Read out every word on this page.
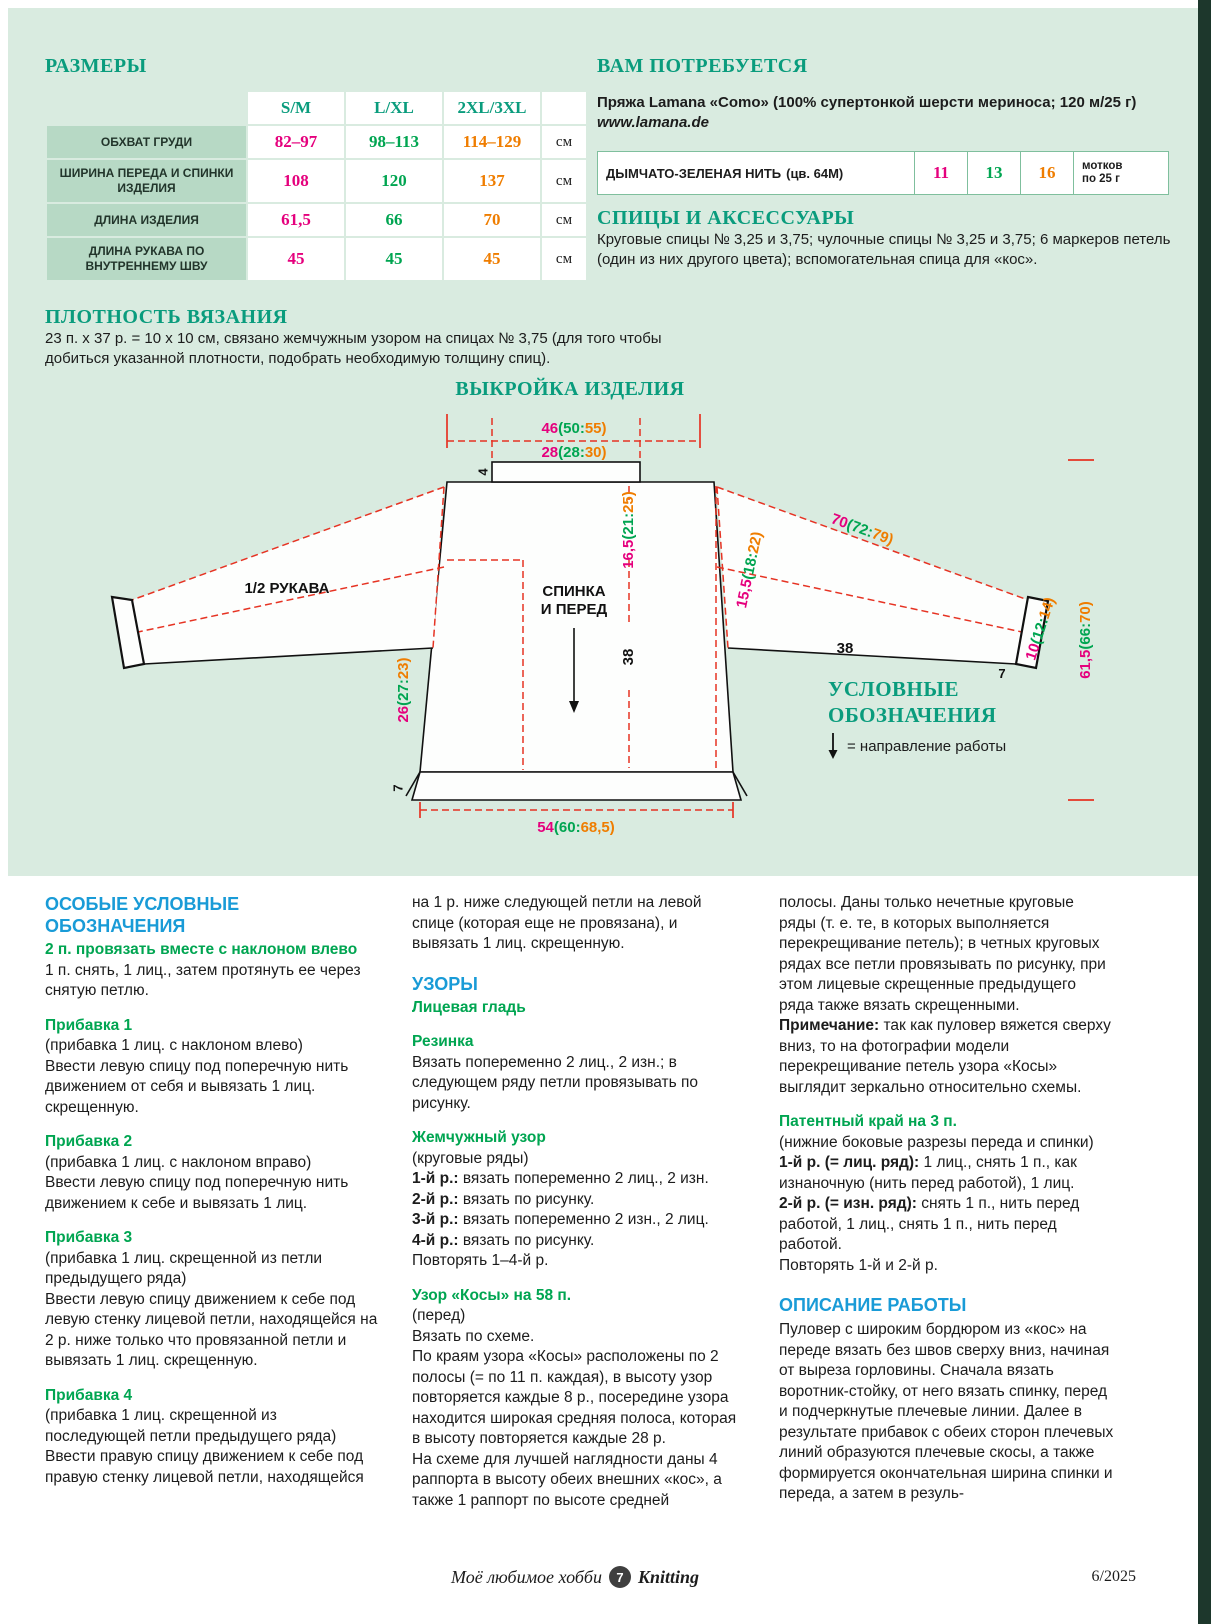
РАЗМЕРЫ
	S/M	L/XL	2XL/3XL	
ОБХВАТ ГРУДИ	82–97	98–113	114–129	см
ШИРИНА ПЕРЕДА И СПИНКИ ИЗДЕЛИЯ	108	120	137	см
ДЛИНА ИЗДЕЛИЯ	61,5	66	70	см
ДЛИНА РУКАВА ПО ВНУТРЕННЕМУ ШВУ	45	45	45	см
ВАМ ПОТРЕБУЕТСЯ

Пряжа Lamana «Como» (100% супертонкой шерсти мериноса; 120 м/25 г)
www.lamana.de

ДЫМЧАТО-ЗЕЛЕНАЯ НИТЬ (цв. 64М)	11	13	16	мотков
по 25 г
СПИЦЫ И АКСЕССУАРЫ

Круговые спицы № 3,25 и 3,75; чулочные спицы № 3,25 и 3,75; 6 маркеров петель (один из них другого цвета); вспомогательная спица для «кос».

ПЛОТНОСТЬ ВЯЗАНИЯ

23 п. x 37 р. = 10 x 10 см, связано жемчужным узором на спицах № 3,75 (для того чтобы добиться указанной плотности, подобрать необходимую толщину спиц).

ВЫКРОЙКА ИЗДЕЛИЯ
46(50:55)
28(28:30)
4
16,5(21:25)
38
СПИНКА
И ПЕРЕД
1/2 РУКАВА
26(27:23)
70(72:79)
15,5(18:22)
38	10(12:14)
61,5(66:70)
7
7
54(60:68,5)
УСЛОВНЫЕ
ОБОЗНАЧЕНИЯ
= направление работы
ОСОБЫЕ УСЛОВНЫЕ ОБОЗНАЧЕНИЯ

2 п. провязать вместе с наклоном влево

1 п. снять, 1 лиц., затем протянуть ее через снятую петлю.

Прибавка 1

(прибавка 1 лиц. с наклоном влево)

Ввести левую спицу под поперечную нить движением от себя и вывязать 1 лиц. скрещенную.

Прибавка 2

(прибавка 1 лиц. с наклоном вправо)

Ввести левую спицу под поперечную нить движением к себе и вывязать 1 лиц.

Прибавка 3

(прибавка 1 лиц. скрещенной из петли предыдущего ряда)

Ввести левую спицу движением к себе под левую стенку лицевой петли, находящейся на 2 р. ниже только что провязанной петли и вывязать 1 лиц. скрещенную.

Прибавка 4

(прибавка 1 лиц. скрещенной из последующей петли предыдущего ряда)

Ввести правую спицу движением к себе под правую стенку лицевой петли, находящейся

на 1 р. ниже следующей петли на левой спице (которая еще не провязана), и вывязать 1 лиц. скрещенную.

УЗОРЫ

Лицевая гладь

Резинка

Вязать попеременно 2 лиц., 2 изн.; в следующем ряду петли провязывать по рисунку.

Жемчужный узор

(круговые ряды)

1-й р.: вязать попеременно 2 лиц., 2 изн.

2-й р.: вязать по рисунку.

3-й р.: вязать попеременно 2 изн., 2 лиц.

4-й р.: вязать по рисунку.

Повторять 1–4-й р.

Узор «Косы» на 58 п.

(перед)

Вязать по схеме.

По краям узора «Косы» расположены по 2 полосы (= по 11 п. каждая), в высоту узор повторяется каждые 8 р., посередине узора находится широкая средняя полоса, которая в высоту повторяется каждые 28 р.

На схеме для лучшей наглядности даны 4 раппорта в высоту обеих внешних «кос», а также 1 раппорт по высоте средней

полосы. Даны только нечетные круговые ряды (т. е. те, в которых выполняется перекрещивание петель); в четных круговых рядах все петли провязывать по рисунку, при этом лицевые скрещенные предыдущего ряда также вязать скрещенными.

Примечание: так как пуловер вяжется сверху вниз, то на фотографии модели перекрещивание петель узора «Косы» выглядит зеркально относительно схемы.

Патентный край на 3 п.

(нижние боковые разрезы переда и спинки)

1-й р. (= лиц. ряд): 1 лиц., снять 1 п., как изнаночную (нить перед работой), 1 лиц.

2-й р. (= изн. ряд): снять 1 п., нить перед работой, 1 лиц., снять 1 п., нить перед работой.

Повторять 1-й и 2-й р.

ОПИСАНИЕ РАБОТЫ

Пуловер с широким бордюром из «кос» на переде вязать без швов сверху вниз, начиная от выреза горловины. Сначала вязать воротник-стойку, от него вязать спинку, перед и подчеркнутые плечевые линии. Далее в результате прибавок с обеих сторон плечевых линий образуются плечевые скосы, а также формируется окончательная ширина спинки и переда, а затем в резуль-

Моё любимое хобби	7 Knitting	6/2025
